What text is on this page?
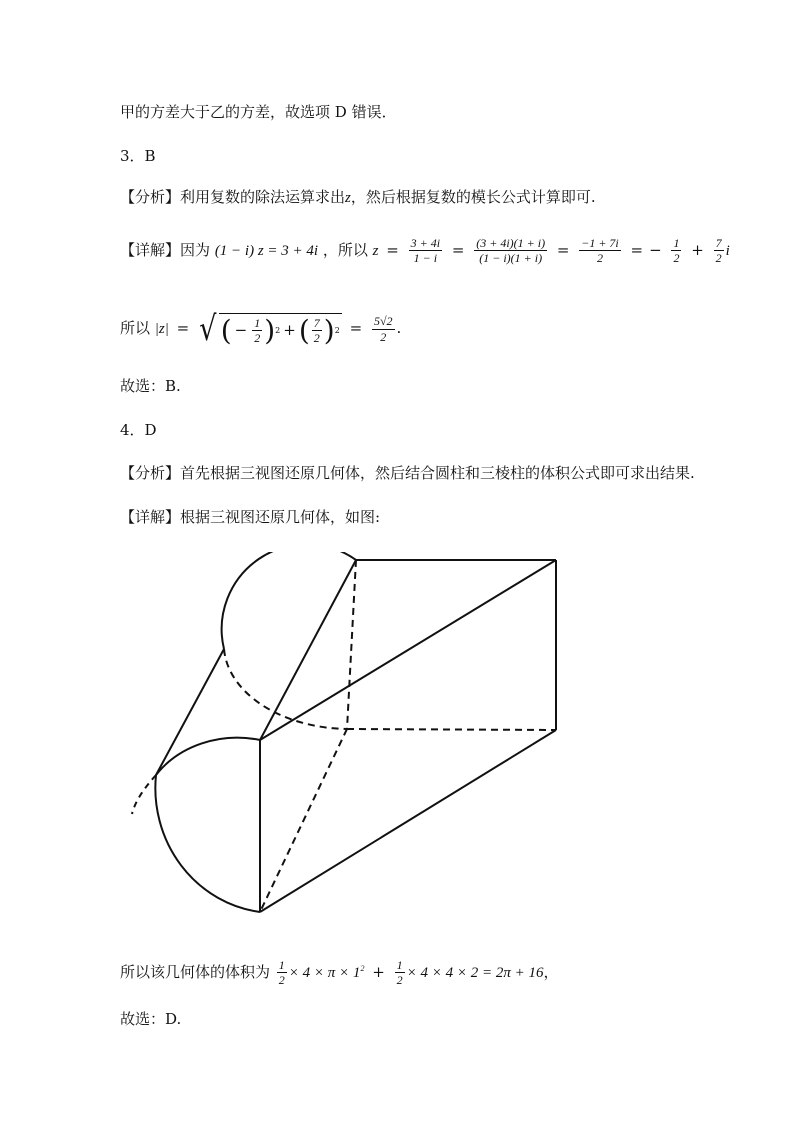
甲的方差大于乙的方差，故选项 D 错误．
3．B
【分析】利用复数的除法运算求出z，然后根据复数的模长公式计算即可.
【详解】因为 (1 − i) z = 3 + 4i ，所以 $z = \frac{3 + 4i}{1 - i} = \frac{(3 + 4i)(1 + i)}{(1 - i)(1 + i)} = \frac{-1 + 7i}{2}$ = − $\frac{1}{2} + \frac{7}{2}$ i
所以 |z| = √ ( − $\frac{1}{2}$ ) 2 + ( $\frac{7}{2}$ ) $2 = \frac{5√2}{2}$ .
故选：B.
4．D
【分析】首先根据三视图还原几何体，然后结合圆柱和三棱柱的体积公式即可求出结果.
【详解】根据三视图还原几何体，如图:
所以该几何体的体积为 $\frac{1}{2} \times 4 \times \pi \times 1^2 + \frac{1}{2} \times 4 \times 4 \times 2 = 2\pi + 16$，
故选：D.
